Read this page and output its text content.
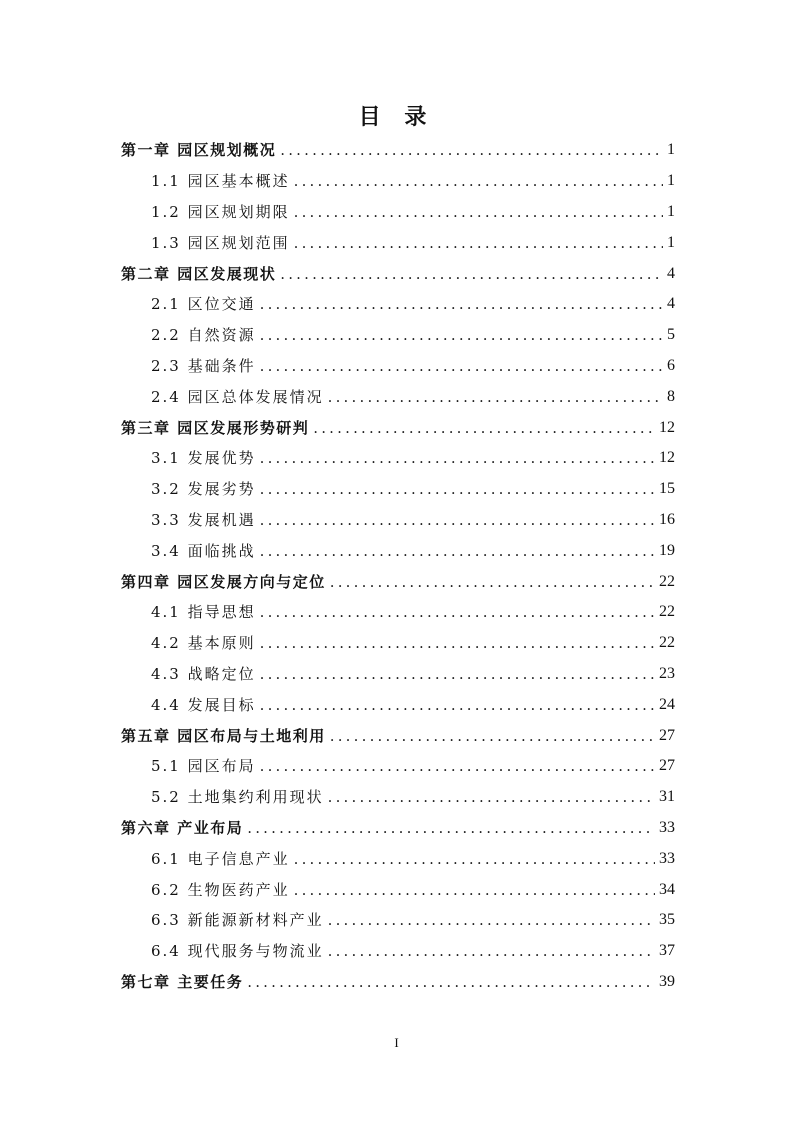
目 录
第一章 园区规划概况 .....	1
1.1 园区基本概述 .....	1
1.2 园区规划期限 .....	1
1.3 园区规划范围 .....	1
第二章 园区发展现状 .....	4
2.1 区位交通 .....	4
2.2 自然资源 .....	5
2.3 基础条件 .....	6
2.4 园区总体发展情况 .....	8
第三章 园区发展形势研判 .....	12
3.1 发展优势 .....	12
3.2 发展劣势 .....	15
3.3 发展机遇 .....	16
3.4 面临挑战 .....	19
第四章 园区发展方向与定位 .....	22
4.1 指导思想 .....	22
4.2 基本原则 .....	22
4.3 战略定位 .....	23
4.4 发展目标 .....	24
第五章 园区布局与土地利用 .....	27
5.1 园区布局 .....	27
5.2 土地集约利用现状 .....	31
第六章 产业布局 .....	33
6.1 电子信息产业 .....	33
6.2 生物医药产业 .....	34
6.3 新能源新材料产业 .....	35
6.4 现代服务与物流业 .....	37
第七章 主要任务 .....	39
I
